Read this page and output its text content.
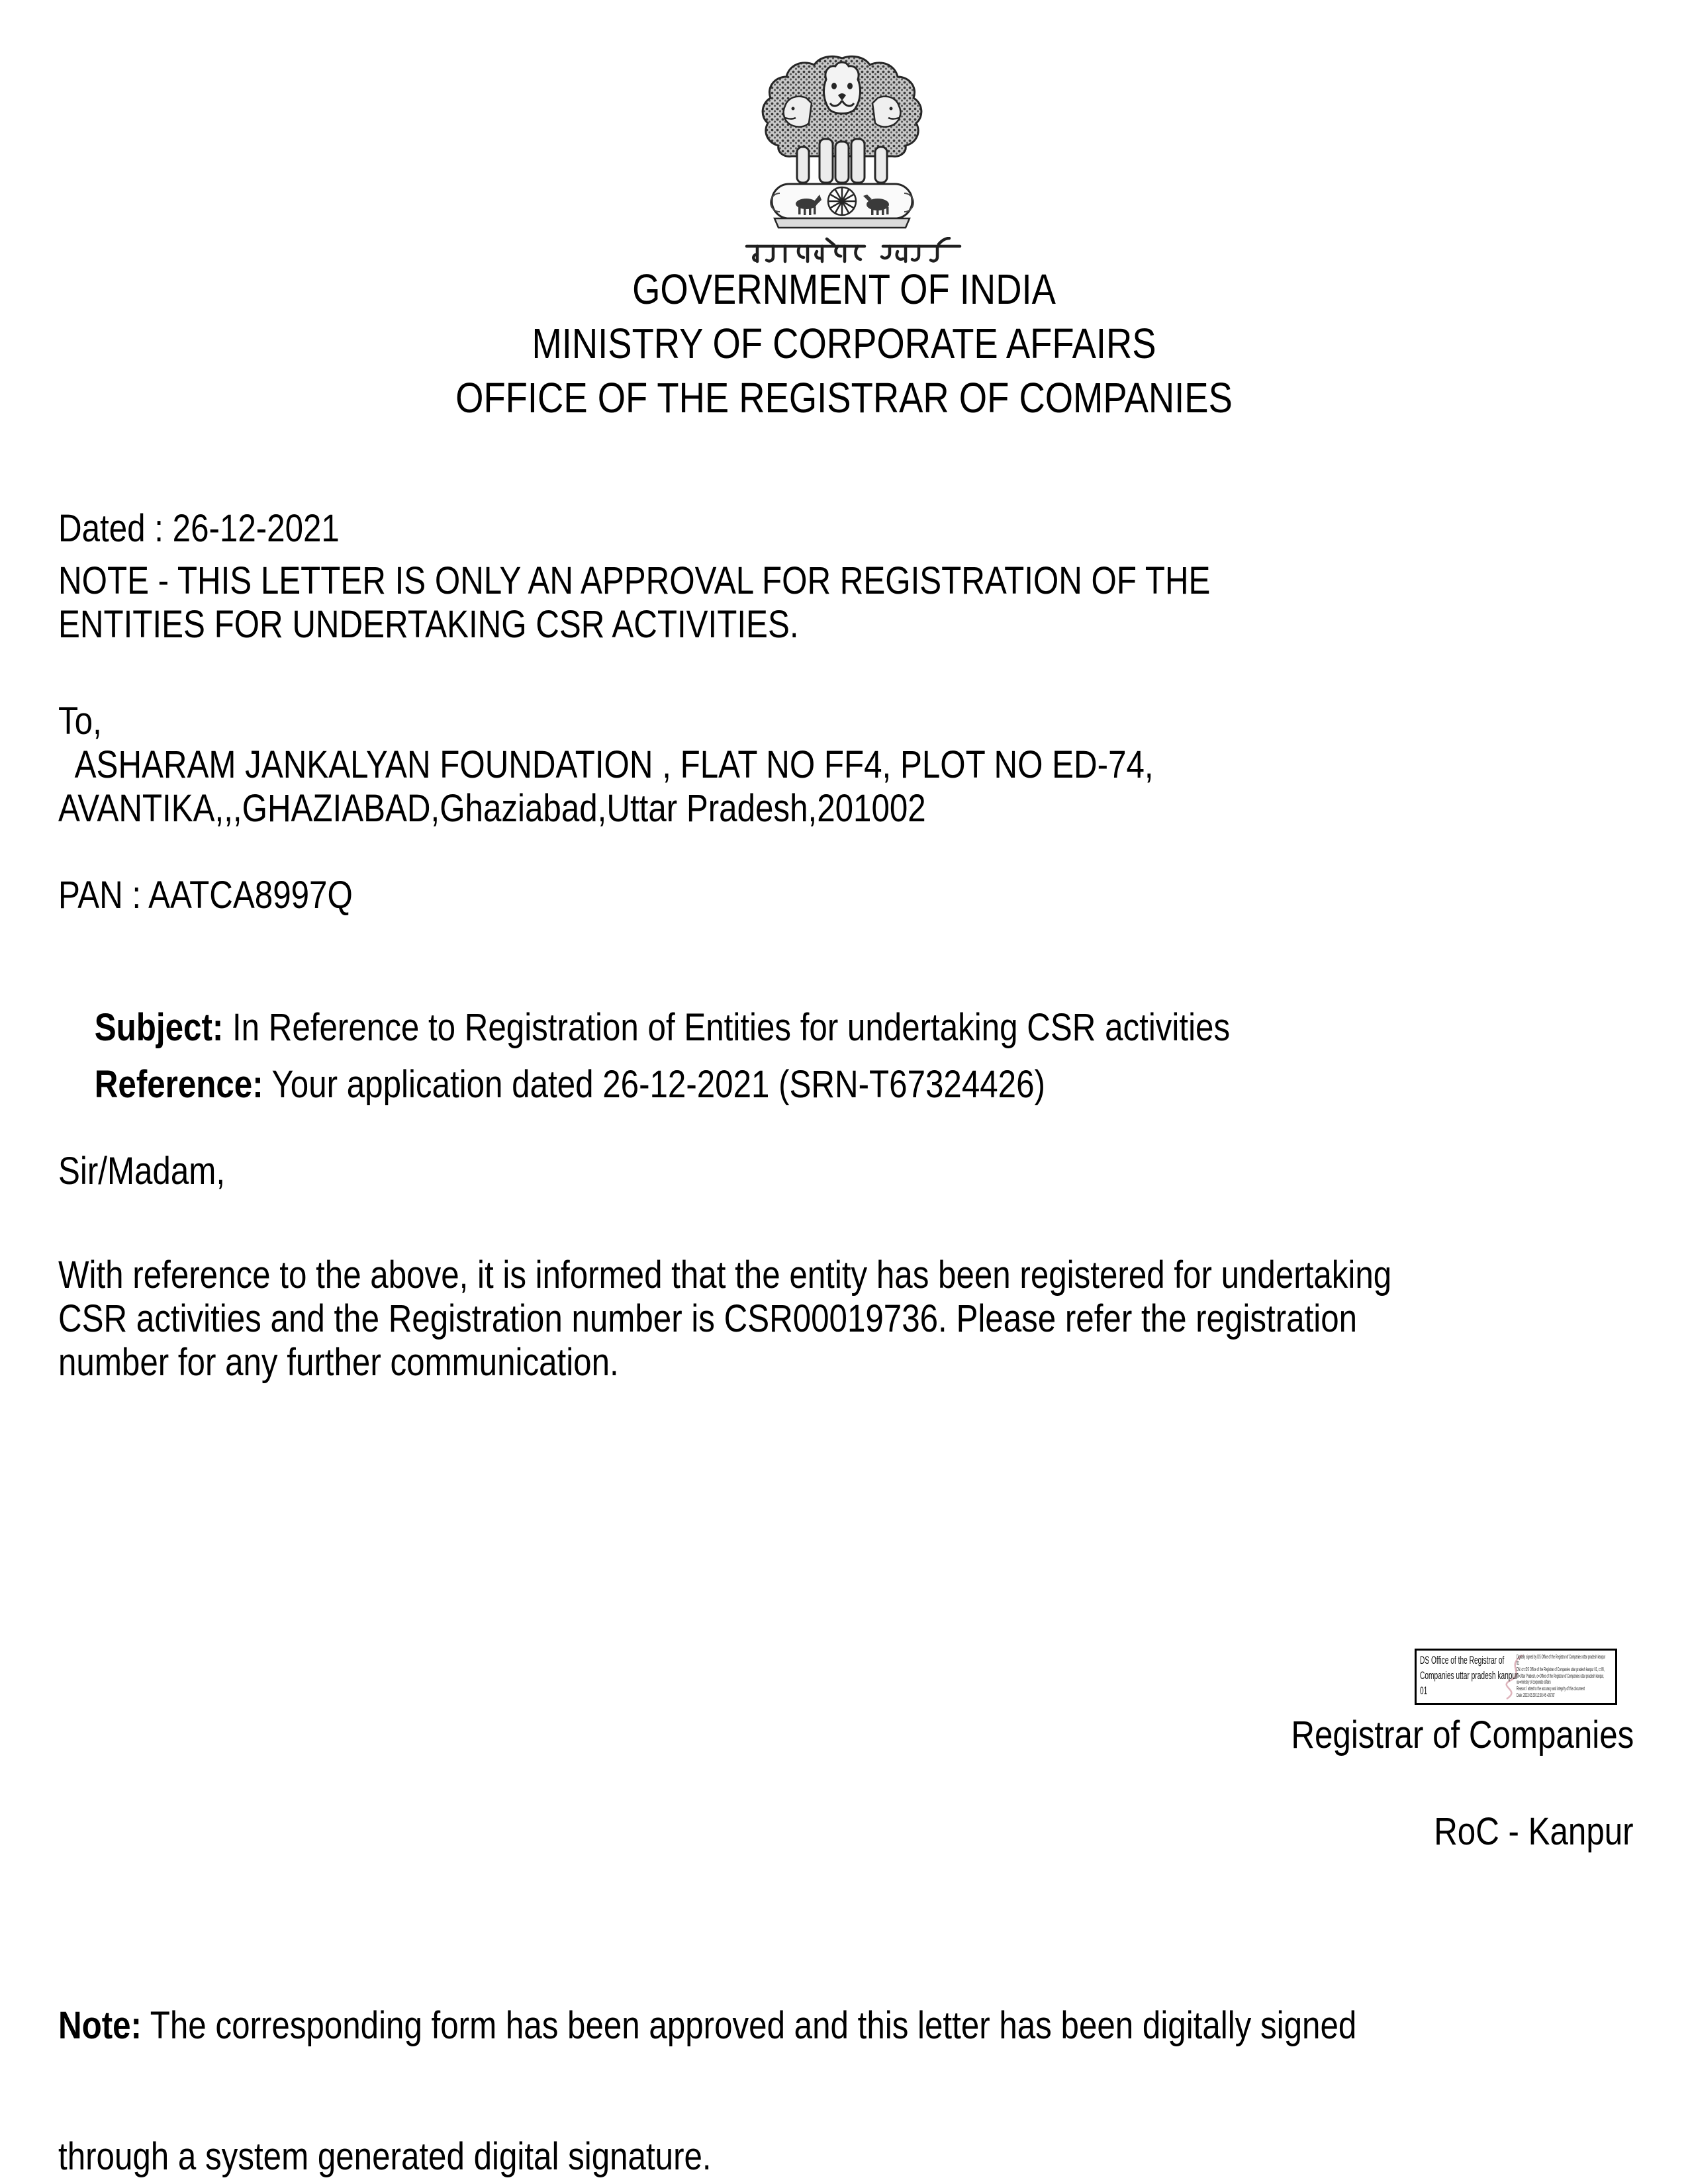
GOVERNMENT OF INDIA
MINISTRY OF CORPORATE AFFAIRS
OFFICE OF THE REGISTRAR OF COMPANIES
Dated : 26-12-2021
NOTE - THIS LETTER IS ONLY AN APPROVAL FOR REGISTRATION OF THE
ENTITIES FOR UNDERTAKING CSR ACTIVITIES.
To,
ASHARAM JANKALYAN FOUNDATION , FLAT NO FF4, PLOT NO ED-74,
AVANTIKA,,,GHAZIABAD,Ghaziabad,Uttar Pradesh,201002
PAN : AATCA8997Q

Subject: In Reference to Registration of Entities for undertaking CSR activities

Reference: Your application dated 26-12-2021 (SRN-T67324426)

Sir/Madam,
With reference to the above, it is informed that the entity has been registered for undertaking
CSR activities and the Registration number is CSR00019736. Please refer the registration
number for any further communication.
DS Office of the Registrar of
Companies uttar pradesh kanpur
01
Digitally signed by DS Office of the Registrar of Companies uttar pradesh kanpur
01
DN: cn=DS Office of the Registrar of Companies uttar pradesh kanpur 01, c=IN,
st=Uttar Pradesh, o=Office of the Registrar of Companies uttar pradesh kanpur,
ou=ministry of corporate affairs
Reason: I attest to the accuracy and integrity of this document
Date: 2023.03.30 12:50:46 +05'30'
Registrar of Companies
RoC - Kanpur

Note: The corresponding form has been approved and this letter has been digitally signed

through a system generated digital signature.
